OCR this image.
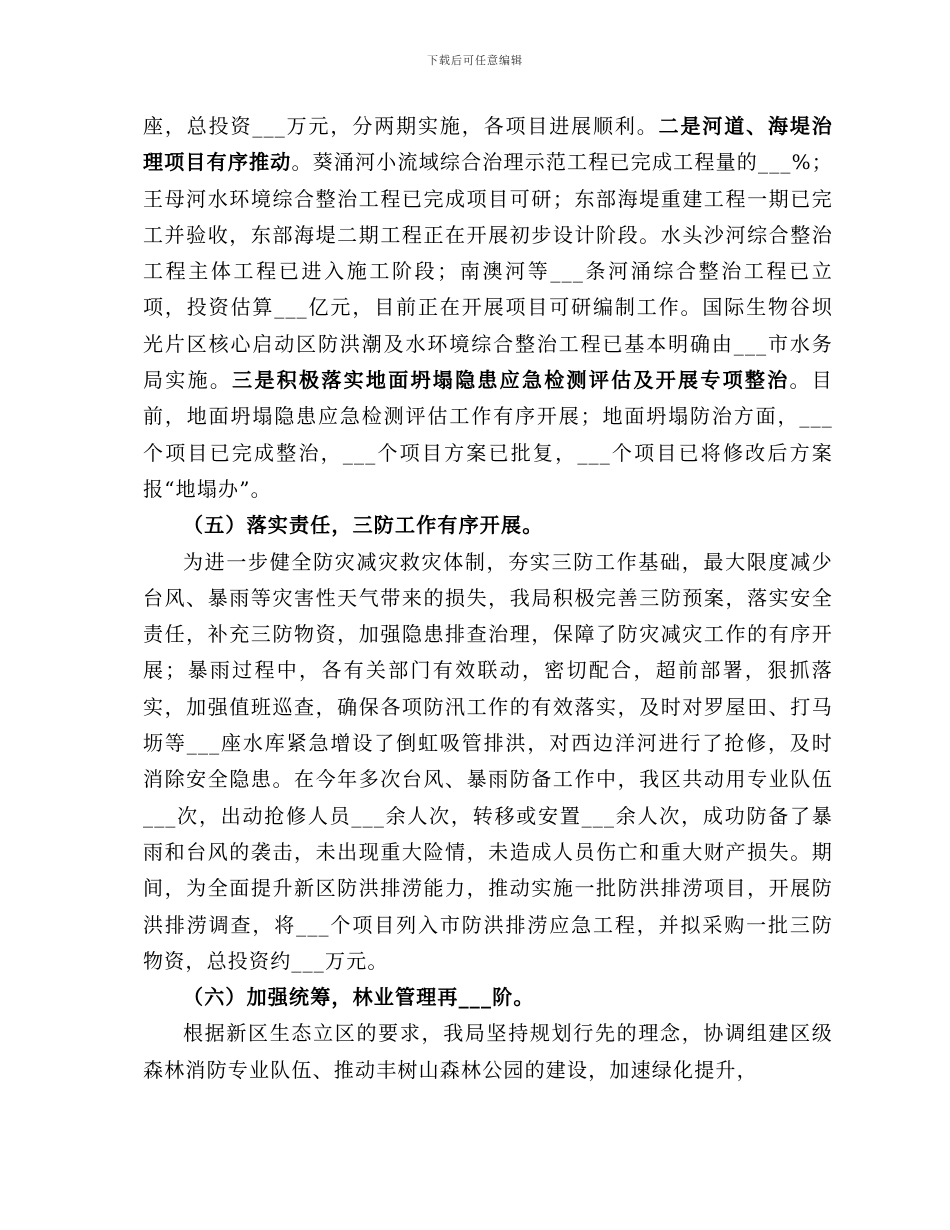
下载后可任意编辑

座，总投资___万元，分两期实施，各项目进展顺利。二是河道、海堤治理项目有序推动。葵涌河小流域综合治理示范工程已完成工程量的___%；王母河水环境综合整治工程已完成项目可研；东部海堤重建工程一期已完工并验收，东部海堤二期工程正在开展初步设计阶段。水头沙河综合整治工程主体工程已进入施工阶段；南澳河等___条河涌综合整治工程已立项，投资估算___亿元，目前正在开展项目可研编制工作。国际生物谷坝光片区核心启动区防洪潮及水环境综合整治工程已基本明确由___市水务局实施。三是积极落实地面坍塌隐患应急检测评估及开展专项整治。目前，地面坍塌隐患应急检测评估工作有序开展；地面坍塌防治方面，___个项目已完成整治，___个项目方案已批复，___个项目已将修改后方案报“地塌办”。

（五）落实责任，三防工作有序开展。

为进一步健全防灾减灾救灾体制，夯实三防工作基础，最大限度减少台风、暴雨等灾害性天气带来的损失，我局积极完善三防预案，落实安全责任，补充三防物资，加强隐患排查治理，保障了防灾减灾工作的有序开展；暴雨过程中，各有关部门有效联动，密切配合，超前部署，狠抓落实，加强值班巡查，确保各项防汛工作的有效落实，及时对罗屋田、打马坜等___座水库紧急增设了倒虹吸管排洪，对西边洋河进行了抢修，及时消除安全隐患。在今年多次台风、暴雨防备工作中，我区共动用专业队伍___次，出动抢修人员___余人次，转移或安置___余人次，成功防备了暴雨和台风的袭击，未出现重大险情，未造成人员伤亡和重大财产损失。期间，为全面提升新区防洪排涝能力，推动实施一批防洪排涝项目，开展防洪排涝调查，将___个项目列入市防洪排涝应急工程，并拟采购一批三防物资，总投资约___万元。

（六）加强统筹，林业管理再___阶。

根据新区生态立区的要求，我局坚持规划行先的理念，协调组建区级森林消防专业队伍、推动丰树山森林公园的建设，加速绿化提升，
